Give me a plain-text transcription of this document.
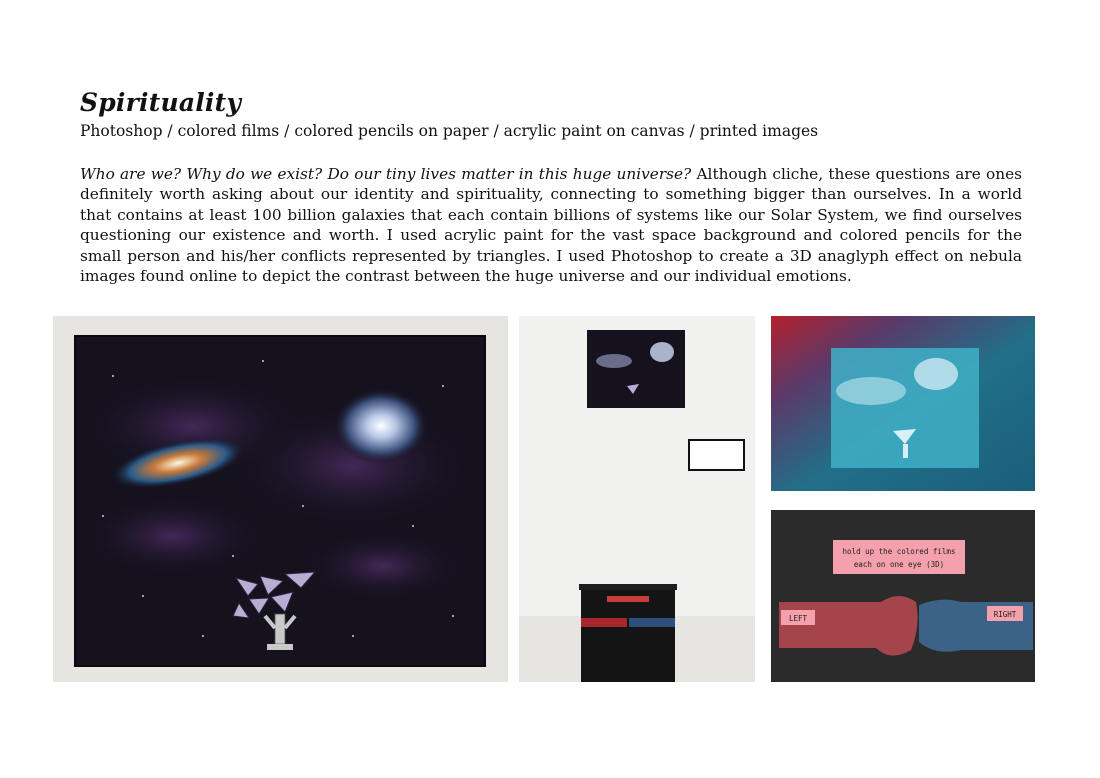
Spirituality
Photoshop / colored films / colored pencils on paper / acrylic paint on canvas / printed images
Who are we? Why do we exist? Do our tiny lives matter in this huge universe? Although cliche, these questions are ones definitely worth asking about our identity and spirituality, connecting to something bigger than ourselves. In a world that contains at least 100 billion galaxies that each contain billions of systems like our Solar System, we find ourselves questioning our existence and worth. I used acrylic paint for the vast space background and colored pencils for the small person and his/her conflicts represented by triangles. I used Photoshop to create a 3D anaglyph effect on nebula images found online to depict the contrast between the huge universe and our individual emotions.
hold up the colored films
each on one eye (3D)
LEFT	RIGHT
